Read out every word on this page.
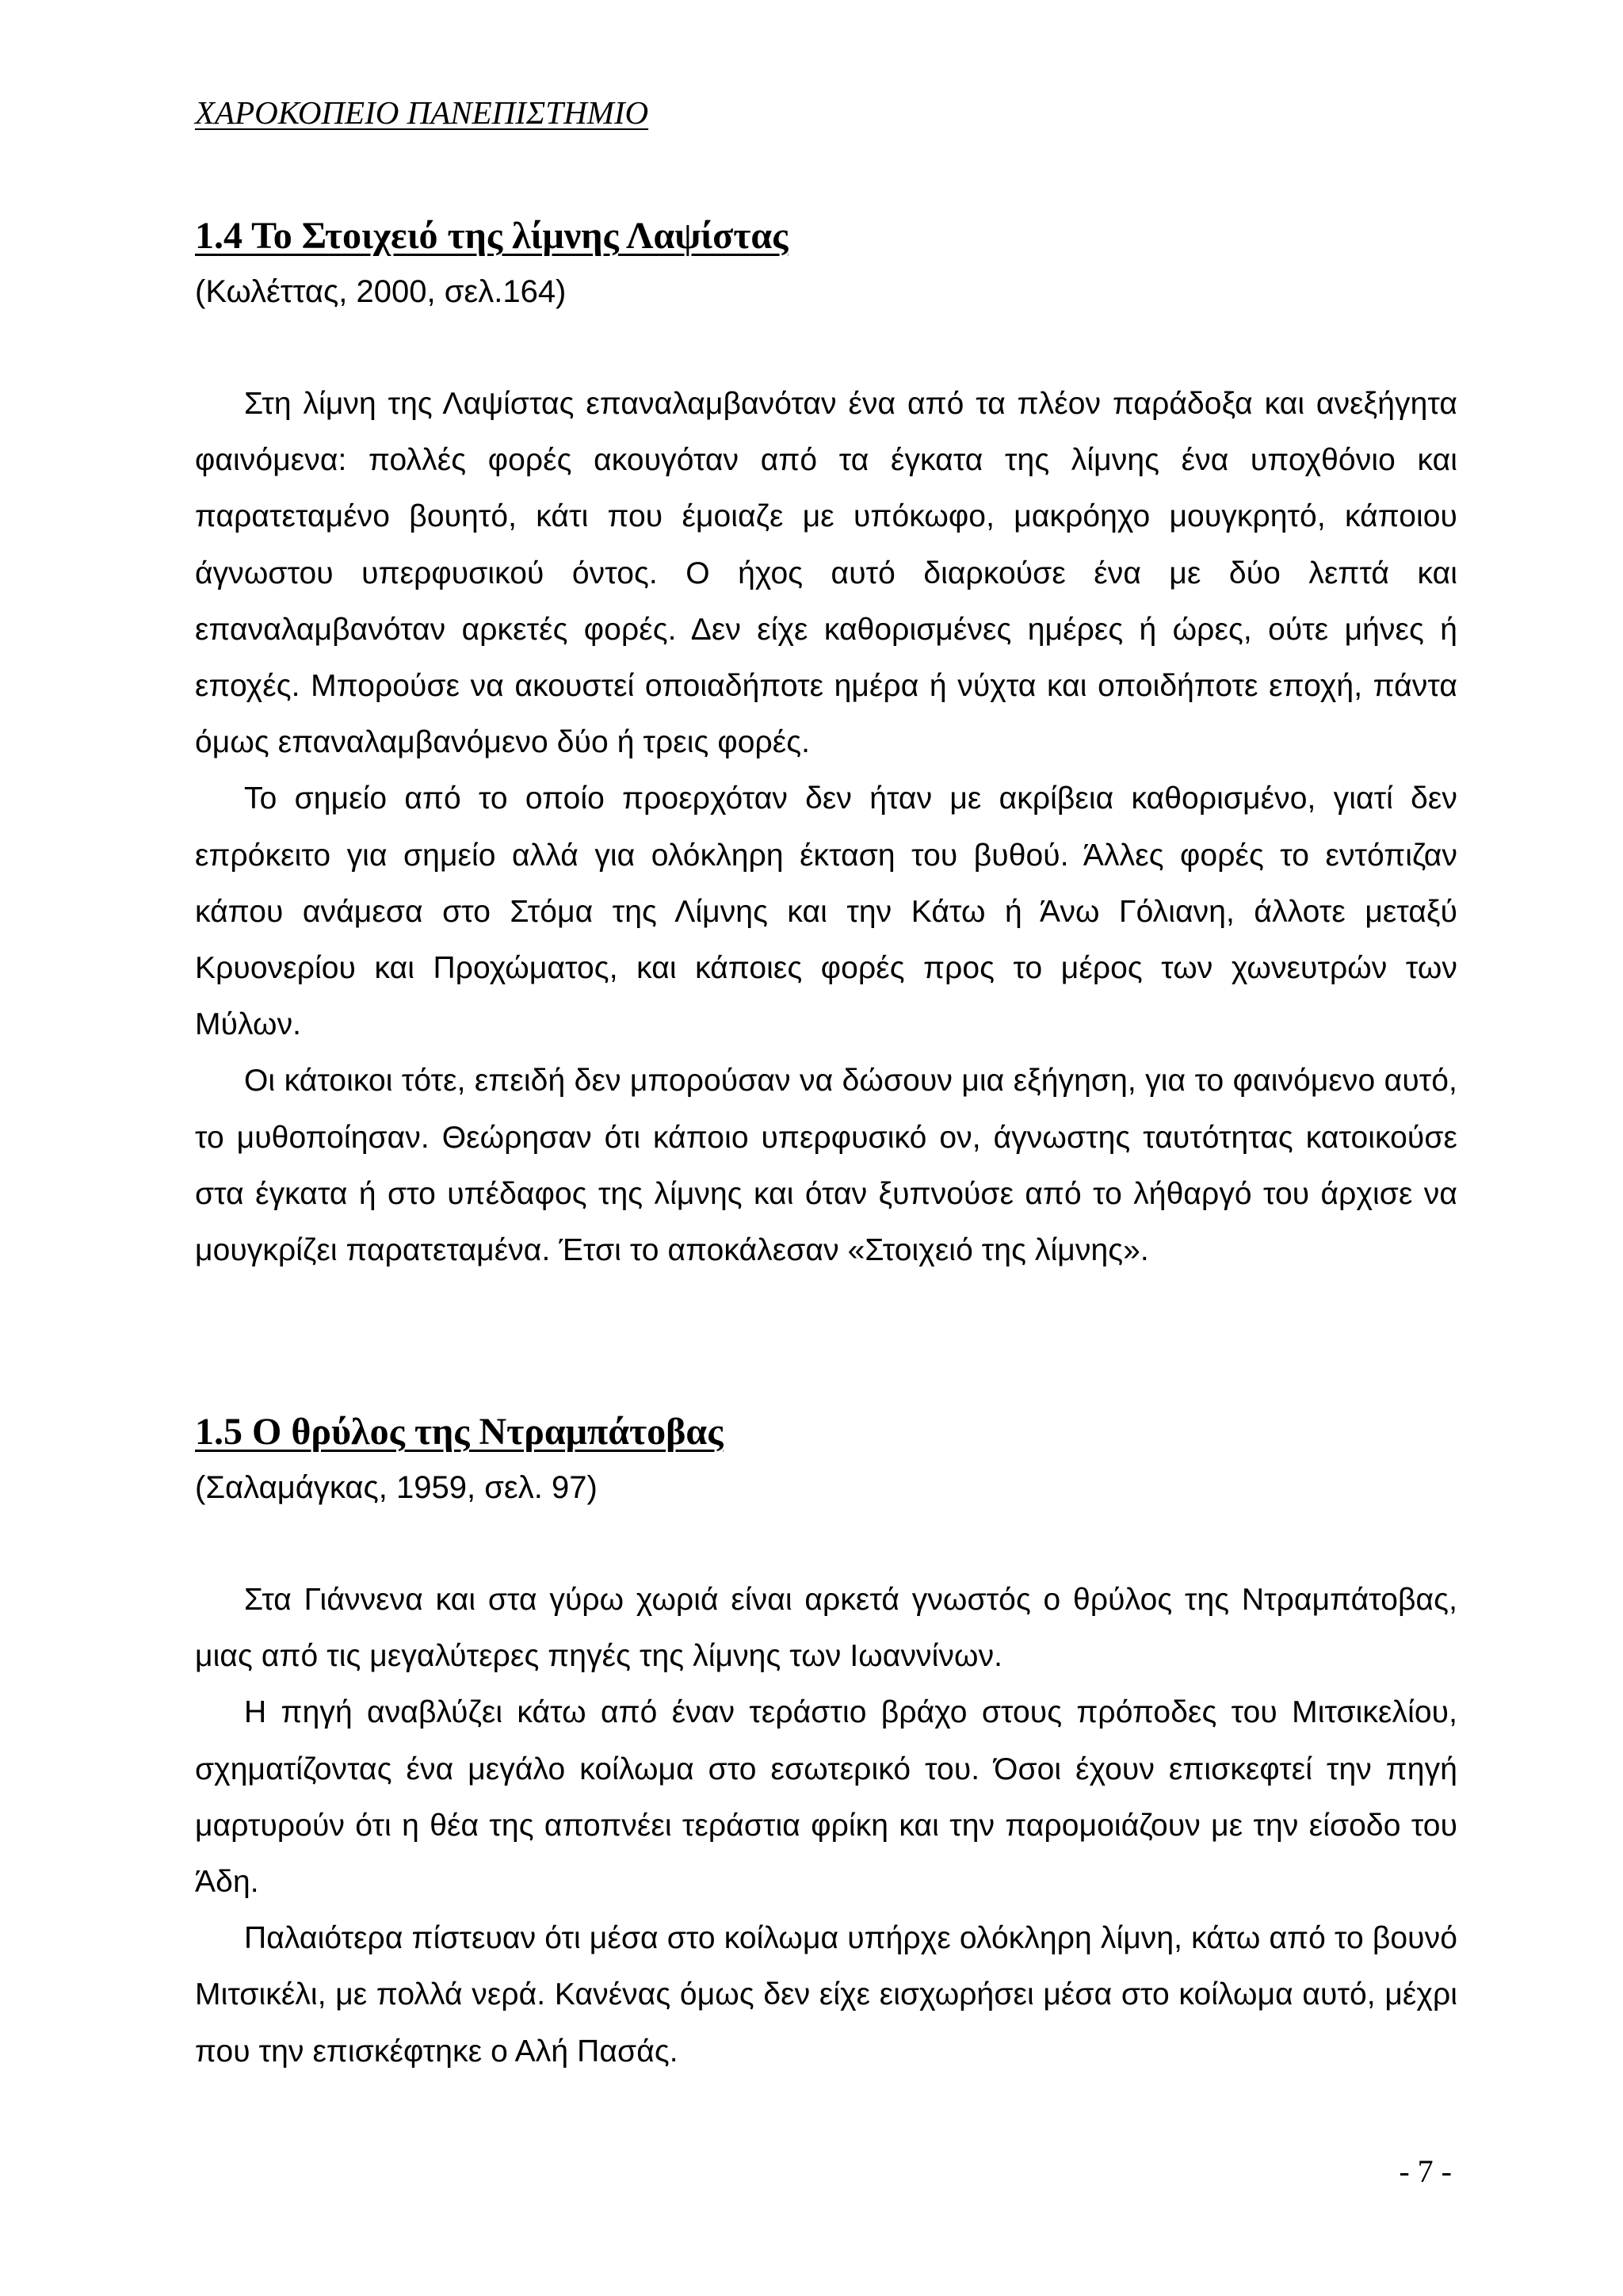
ΧΑΡΟΚΟΠΕΙΟ ΠΑΝΕΠΙΣΤΗΜΙΟ
1.4 Το Στοιχειό της λίμνης Λαψίστας

(Κωλέττας, 2000, σελ.164)

Στη λίμνη της Λαψίστας επαναλαμβανόταν ένα από τα πλέον παράδοξα και ανεξήγητα φαινόμενα: πολλές φορές ακουγόταν από τα έγκατα της λίμνης ένα υποχθόνιο και παρατεταμένο βουητό, κάτι που έμοιαζε με υπόκωφο, μακρόηχο μουγκρητό, κάποιου άγνωστου υπερφυσικού όντος. Ο ήχος αυτό διαρκούσε ένα με δύο λεπτά και επαναλαμβανόταν αρκετές φορές. Δεν είχε καθορισμένες ημέρες ή ώρες, ούτε μήνες ή εποχές. Μπορούσε να ακουστεί οποιαδήποτε ημέρα ή νύχτα και οποιδήποτε εποχή, πάντα όμως επαναλαμβανόμενο δύο ή τρεις φορές.

Το σημείο από το οποίο προερχόταν δεν ήταν με ακρίβεια καθορισμένο, γιατί δεν επρόκειτο για σημείο αλλά για ολόκληρη έκταση του βυθού. Άλλες φορές το εντόπιζαν κάπου ανάμεσα στο Στόμα της Λίμνης και την Κάτω ή Άνω Γόλιανη, άλλοτε μεταξύ Κρυονερίου και Προχώματος, και κάποιες φορές προς το μέρος των χωνευτρών των Μύλων.

Οι κάτοικοι τότε, επειδή δεν μπορούσαν να δώσουν μια εξήγηση, για το φαινόμενο αυτό, το μυθοποίησαν. Θεώρησαν ότι κάποιο υπερφυσικό ον, άγνωστης ταυτότητας κατοικούσε στα έγκατα ή στο υπέδαφος της λίμνης και όταν ξυπνούσε από το λήθαργό του άρχισε να μουγκρίζει παρατεταμένα. Έτσι το αποκάλεσαν «Στοιχειό της λίμνης».

1.5 Ο θρύλος της Ντραμπάτοβας

(Σαλαμάγκας, 1959, σελ. 97)

Στα Γιάννενα και στα γύρω χωριά είναι αρκετά γνωστός ο θρύλος της Ντραμπάτοβας, μιας από τις μεγαλύτερες πηγές της λίμνης των Ιωαννίνων.

Η πηγή αναβλύζει κάτω από έναν τεράστιο βράχο στους πρόποδες του Μιτσικελίου, σχηματίζοντας ένα μεγάλο κοίλωμα στο εσωτερικό του. Όσοι έχουν επισκεφτεί την πηγή μαρτυρούν ότι η θέα της αποπνέει τεράστια φρίκη και την παρομοιάζουν με την είσοδο του Άδη.

Παλαιότερα πίστευαν ότι μέσα στο κοίλωμα υπήρχε ολόκληρη λίμνη, κάτω από το βουνό Μιτσικέλι, με πολλά νερά. Κανένας όμως δεν είχε εισχωρήσει μέσα στο κοίλωμα αυτό, μέχρι που την επισκέφτηκε ο Αλή Πασάς.

- 7 -
